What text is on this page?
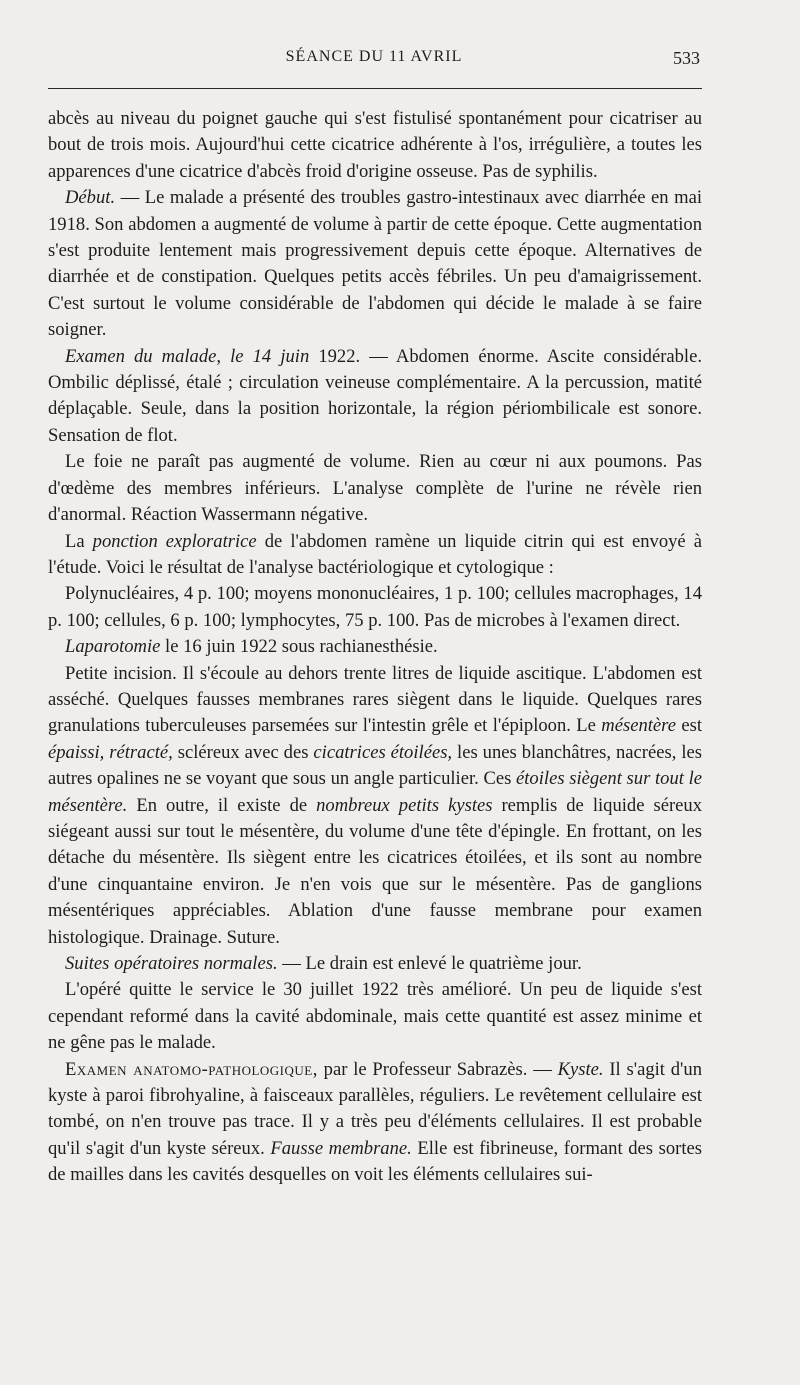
SÉANCE DU 11 AVRIL	533

abcès au niveau du poignet gauche qui s'est fistulisé spontanément pour cicatriser au bout de trois mois. Aujourd'hui cette cicatrice adhérente à l'os, irrégulière, a toutes les apparences d'une cicatrice d'abcès froid d'origine osseuse. Pas de syphilis.

Début. — Le malade a présenté des troubles gastro-intestinaux avec diarrhée en mai 1918. Son abdomen a augmenté de volume à partir de cette époque. Cette augmentation s'est produite lentement mais progressivement depuis cette époque. Alternatives de diarrhée et de constipation. Quelques petits accès fébriles. Un peu d'amaigrissement. C'est surtout le volume considérable de l'abdomen qui décide le malade à se faire soigner.

Examen du malade, le 14 juin 1922. — Abdomen énorme. Ascite considérable. Ombilic déplissé, étalé ; circulation veineuse complémentaire. A la percussion, matité déplaçable. Seule, dans la position horizontale, la région périombilicale est sonore. Sensation de flot.

Le foie ne paraît pas augmenté de volume. Rien au cœur ni aux poumons. Pas d'œdème des membres inférieurs. L'analyse complète de l'urine ne révèle rien d'anormal. Réaction Wassermann négative.

La ponction exploratrice de l'abdomen ramène un liquide citrin qui est envoyé à l'étude. Voici le résultat de l'analyse bactériologique et cytologique :

Polynucléaires, 4 p. 100; moyens mononucléaires, 1 p. 100; cellules macrophages, 14 p. 100; cellules, 6 p. 100; lymphocytes, 75 p. 100. Pas de microbes à l'examen direct.

Laparotomie le 16 juin 1922 sous rachianesthésie.

Petite incision. Il s'écoule au dehors trente litres de liquide ascitique. L'abdomen est asséché. Quelques fausses membranes rares siègent dans le liquide. Quelques rares granulations tuberculeuses parsemées sur l'intestin grêle et l'épiploon. Le mésentère est épaissi, rétracté, scléreux avec des cicatrices étoilées, les unes blanchâtres, nacrées, les autres opalines ne se voyant que sous un angle particulier. Ces étoiles siègent sur tout le mésentère. En outre, il existe de nombreux petits kystes remplis de liquide séreux siégeant aussi sur tout le mésentère, du volume d'une tête d'épingle. En frottant, on les détache du mésentère. Ils siègent entre les cicatrices étoilées, et ils sont au nombre d'une cinquantaine environ. Je n'en vois que sur le mésentère. Pas de ganglions mésentériques appréciables. Ablation d'une fausse membrane pour examen histologique. Drainage. Suture.

Suites opératoires normales. — Le drain est enlevé le quatrième jour.

L'opéré quitte le service le 30 juillet 1922 très amélioré. Un peu de liquide s'est cependant reformé dans la cavité abdominale, mais cette quantité est assez minime et ne gêne pas le malade.

Examen anatomo-pathologique, par le Professeur Sabrazès. — Kyste. Il s'agit d'un kyste à paroi fibrohyaline, à faisceaux parallèles, réguliers. Le revêtement cellulaire est tombé, on n'en trouve pas trace. Il y a très peu d'éléments cellulaires. Il est probable qu'il s'agit d'un kyste séreux. Fausse membrane. Elle est fibrineuse, formant des sortes de mailles dans les cavités desquelles on voit les éléments cellulaires sui-
